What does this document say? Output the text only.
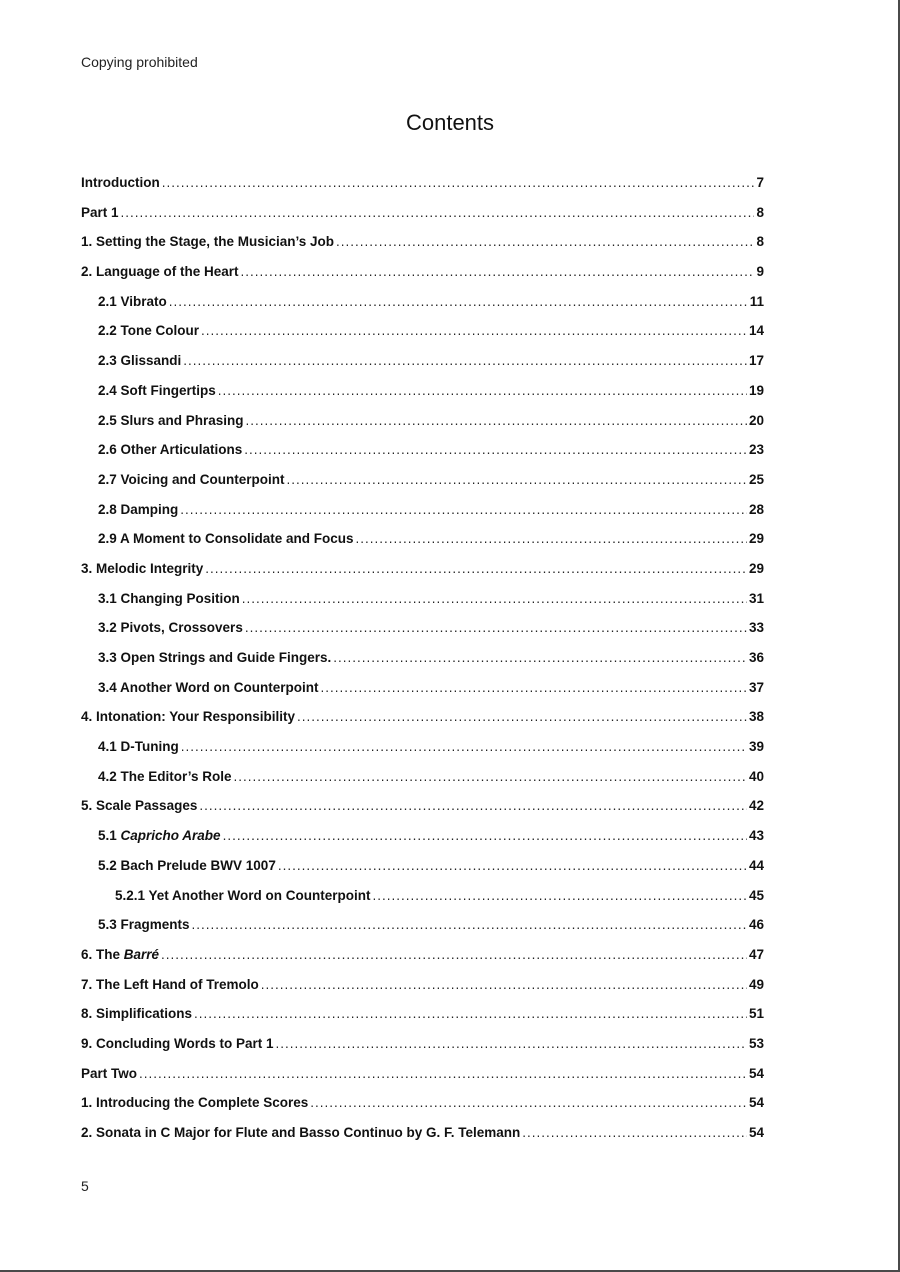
Copying prohibited
Contents
Introduction .....	7
Part 1 .....	8
1. Setting the Stage, the Musician’s Job .....	8
2. Language of the Heart .....	9
2.1 Vibrato .....	11
2.2 Tone Colour .....	14
2.3 Glissandi .....	17
2.4 Soft Fingertips .....	19
2.5 Slurs and Phrasing .....	20
2.6 Other Articulations .....	23
2.7 Voicing and Counterpoint .....	25
2.8 Damping .....	28
2.9 A Moment to Consolidate and Focus .....	29
3. Melodic Integrity .....	29
3.1 Changing Position .....	31
3.2 Pivots, Crossovers .....	33
3.3 Open Strings and Guide Fingers. .....	36
3.4 Another Word on Counterpoint .....	37
4. Intonation: Your Responsibility .....	38
4.1 D-Tuning .....	39
4.2 The Editor’s Role .....	40
5. Scale Passages .....	42
5.1 Capricho Arabe .....	43
5.2 Bach Prelude BWV 1007 .....	44
5.2.1 Yet Another Word on Counterpoint .....	45
5.3 Fragments .....	46
6. The Barré .....	47
7. The Left Hand of Tremolo .....	49
8. Simplifications .....	51
9. Concluding Words to Part 1 .....	53
Part Two .....	54
1. Introducing the Complete Scores .....	54
2. Sonata in C Major for Flute and Basso Continuo by G. F. Telemann .....	54
5
